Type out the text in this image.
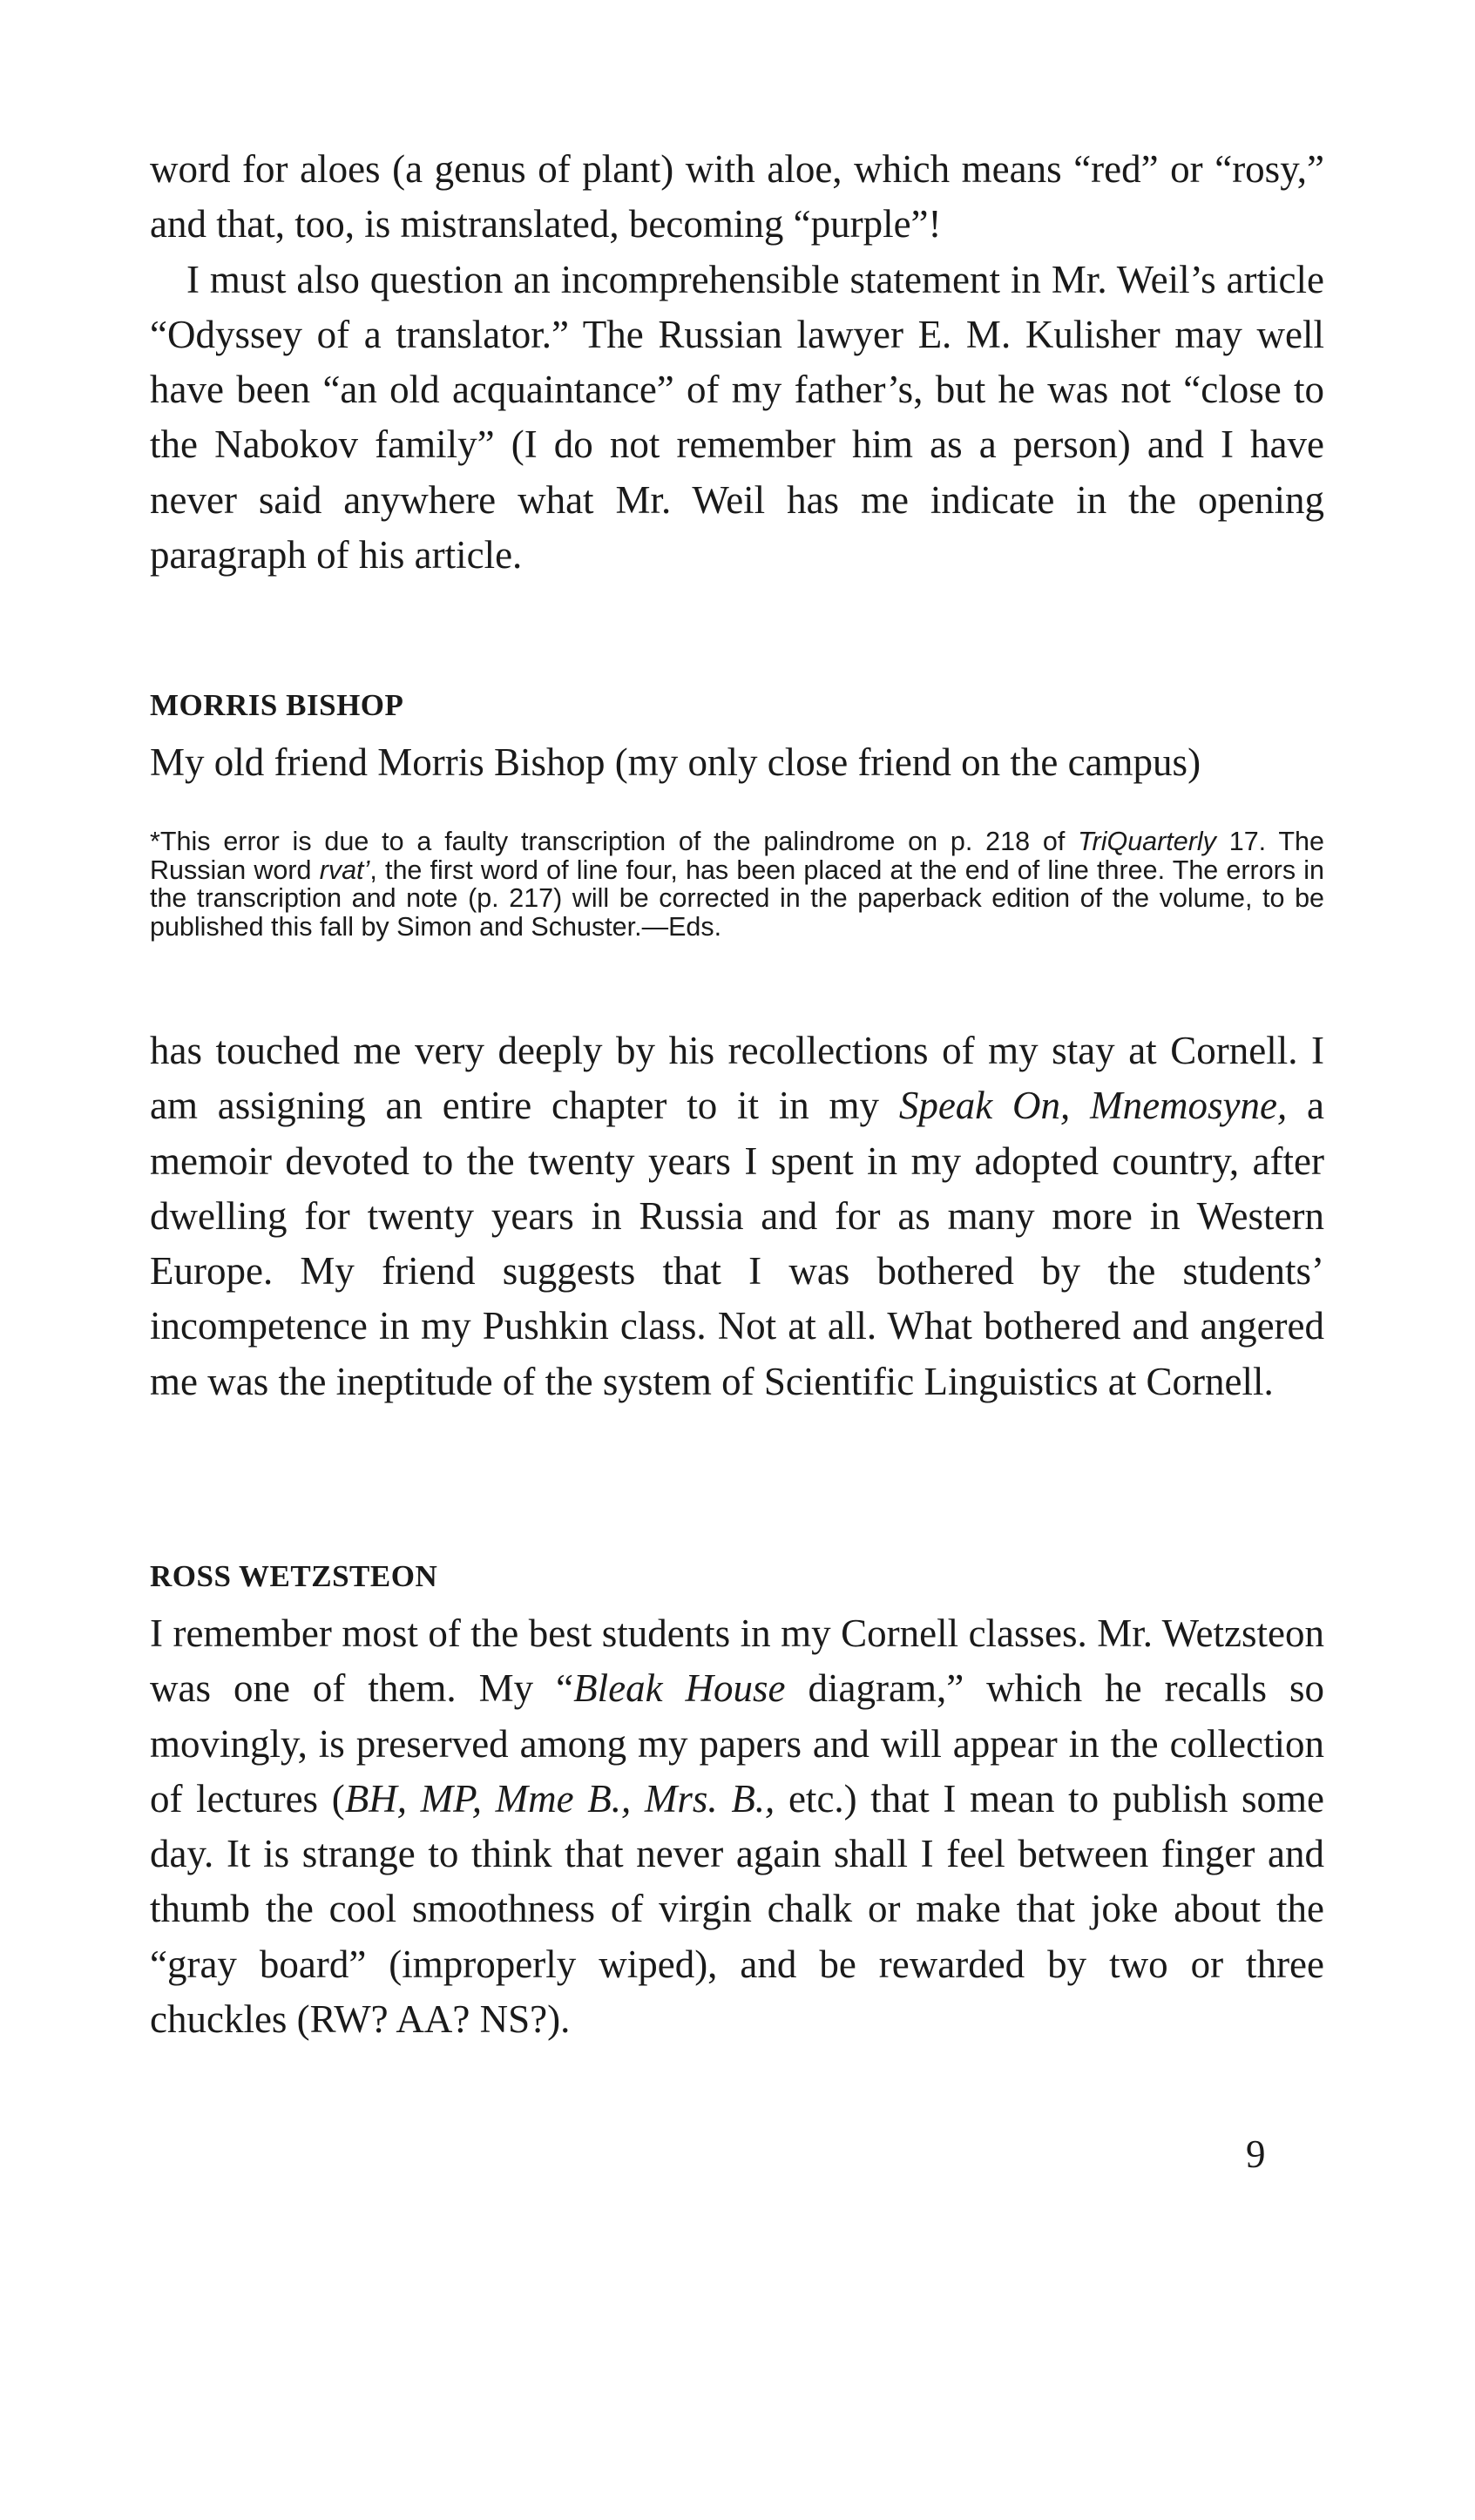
word for aloes (a genus of plant) with aloe, which means “red” or “rosy,” and that, too, is mistranslated, becoming “purple”!

I must also question an incomprehensible statement in Mr. Weil’s article “Odyssey of a translator.” The Russian lawyer E. M. Kulisher may well have been “an old acquaintance” of my father’s, but he was not “close to the Nabokov family” (I do not remember him as a person) and I have never said anywhere what Mr. Weil has me indicate in the opening paragraph of his article.

MORRIS BISHOP

My old friend Morris Bishop (my only close friend on the campus)

*This error is due to a faulty transcription of the palindrome on p. 218 of TriQuarterly 17. The Russian word rvat’, the first word of line four, has been placed at the end of line three. The errors in the transcription and note (p. 217) will be corrected in the paperback edition of the volume, to be published this fall by Simon and Schuster.—Eds.

has touched me very deeply by his recollections of my stay at Cornell. I am assigning an entire chapter to it in my Speak On, Mnemosyne, a memoir devoted to the twenty years I spent in my adopted country, after dwelling for twenty years in Russia and for as many more in Western Europe. My friend suggests that I was bothered by the students’ incompetence in my Pushkin class. Not at all. What bothered and angered me was the ineptitude of the system of Scientific Linguistics at Cornell.

ROSS WETZSTEON

I remember most of the best students in my Cornell classes. Mr. Wetzsteon was one of them. My “Bleak House diagram,” which he recalls so movingly, is preserved among my papers and will appear in the collection of lectures (BH, MP, Mme B., Mrs. B., etc.) that I mean to publish some day. It is strange to think that never again shall I feel between finger and thumb the cool smoothness of virgin chalk or make that joke about the “gray board” (improperly wiped), and be rewarded by two or three chuckles (RW? AA? NS?).

9
